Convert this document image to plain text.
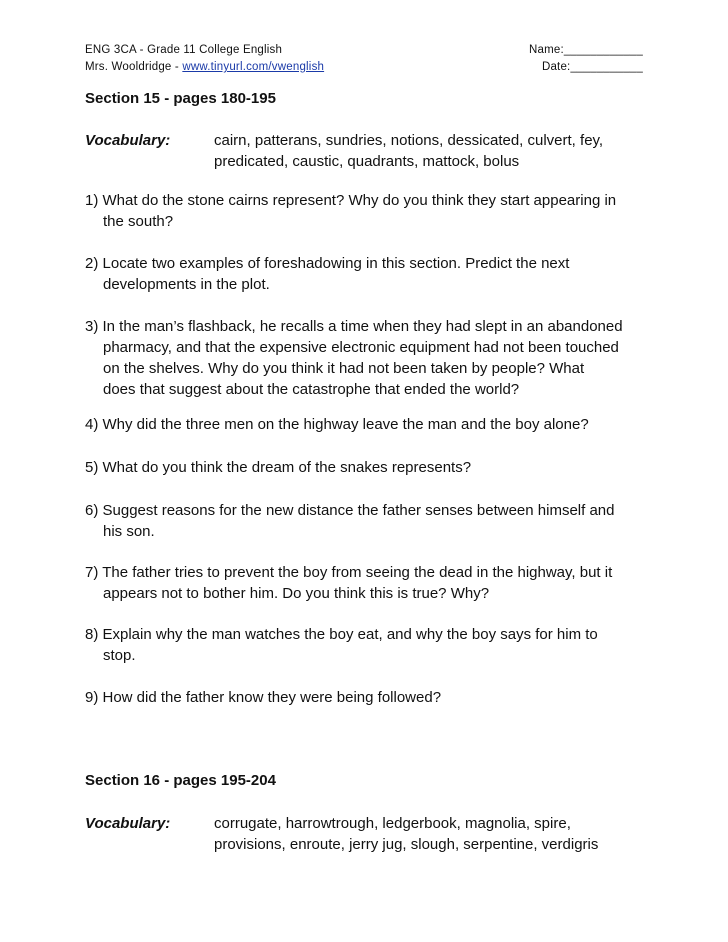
ENG 3CA - Grade 11 College English	Name:____________
Mrs. Wooldridge - www.tinyurl.com/vwenglish	Date:___________
Section 15 - pages 180-195
Vocabulary:	cairn, patterans, sundries, notions, dessicated, culvert, fey,
predicated, caustic, quadrants, mattock, bolus
1) What do the stone cairns represent? Why do you think they start appearing in
the south?
2) Locate two examples of foreshadowing in this section. Predict the next
developments in the plot.
3) In the man’s flashback, he recalls a time when they had slept in an abandoned
pharmacy, and that the expensive electronic equipment had not been touched
on the shelves. Why do you think it had not been taken by people? What
does that suggest about the catastrophe that ended the world?
4) Why did the three men on the highway leave the man and the boy alone?
5) What do you think the dream of the snakes represents?
6) Suggest reasons for the new distance the father senses between himself and
his son.
7) The father tries to prevent the boy from seeing the dead in the highway, but it
appears not to bother him. Do you think this is true? Why?
8) Explain why the man watches the boy eat, and why the boy says for him to
stop.
9) How did the father know they were being followed?
Section 16 - pages 195-204
Vocabulary:	corrugate, harrowtrough, ledgerbook, magnolia, spire,
provisions, enroute, jerry jug, slough, serpentine, verdigris
